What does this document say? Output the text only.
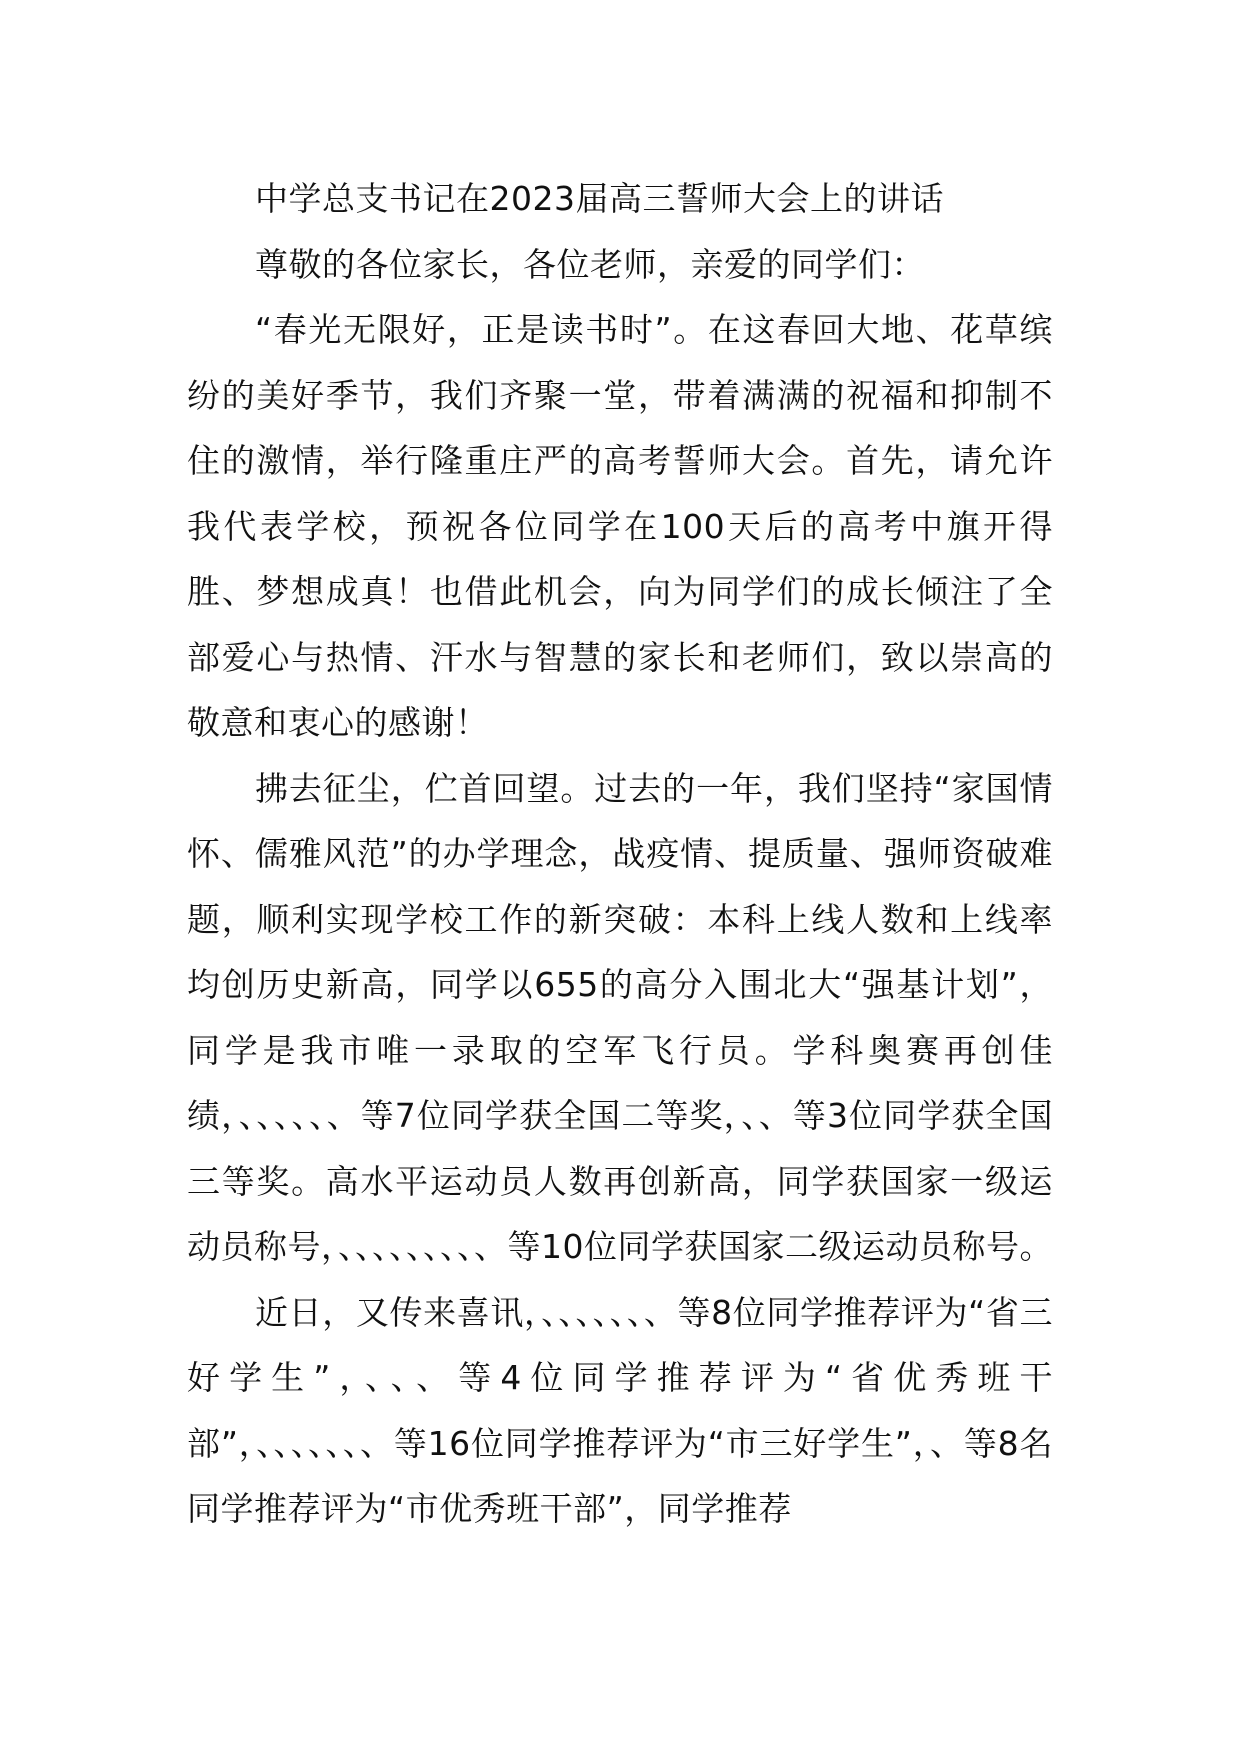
中学总支书记在2023届高三誓师大会上的讲话

尊敬的各位家长，各位老师，亲爱的同学们：

“春光无限好，正是读书时”。在这春回大地、花草缤纷的美好季节，我们齐聚一堂，带着满满的祝福和抑制不住的激情，举行隆重庄严的高考誓师大会。首先，请允许我代表学校，预祝各位同学在100天后的高考中旗开得胜、梦想成真！也借此机会，向为同学们的成长倾注了全部爱心与热情、汗水与智慧的家长和老师们，致以崇高的敬意和衷心的感谢！

拂去征尘，伫首回望。过去的一年，我们坚持“家国情怀、儒雅风范”的办学理念，战疫情、提质量、强师资破难题，顺利实现学校工作的新突破：本科上线人数和上线率均创历史新高，同学以655的高分入围北大“强基计划”，同学是我市唯一录取的空军飞行员。学科奥赛再创佳绩，、、、、、、等7位同学获全国二等奖，、、等3位同学获全国三等奖。高水平运动员人数再创新高，同学获国家一级运动员称号，、、、、、、、、、等10位同学获国家二级运动员称号。

近日，又传来喜讯，、、、、、、、等8位同学推荐评为“省三好学生”，、、、等4位同学推荐评为“省优秀班干部”，、、、、、、、等16位同学推荐评为“市三好学生”，、等8名同学推荐评为“市优秀班干部”，同学推荐
